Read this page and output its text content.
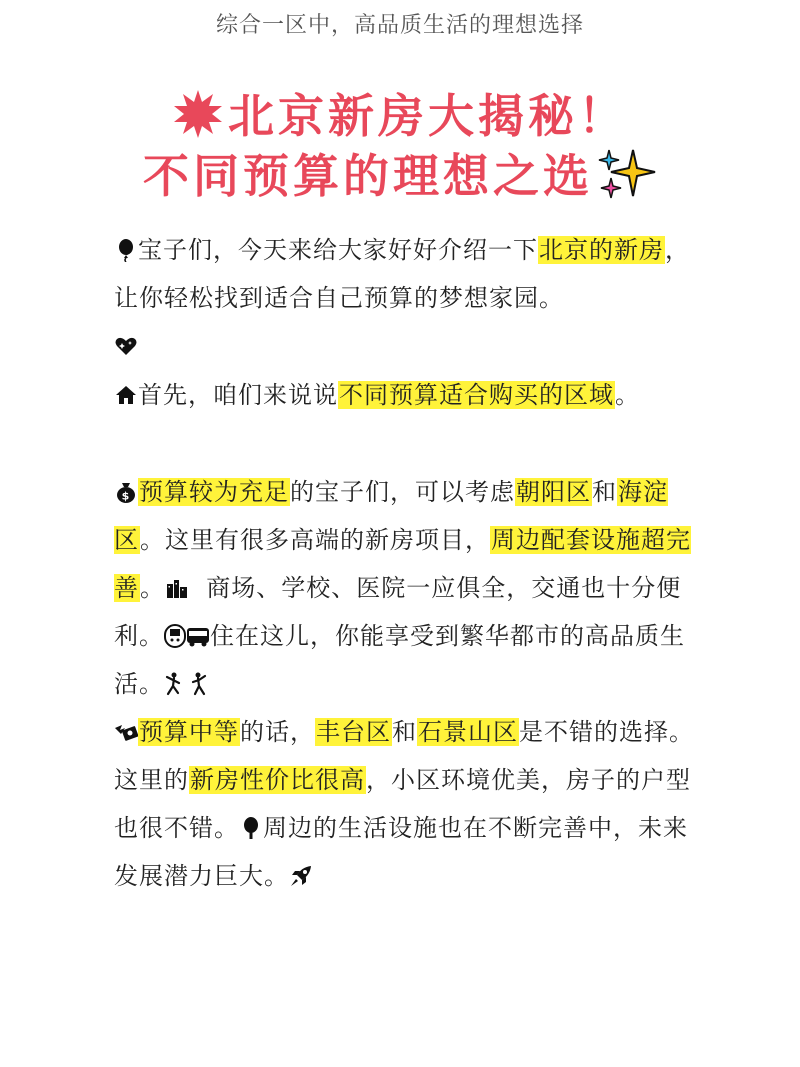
综合一区中，高品质生活的理想选择
北京新房大揭秘！
不同预算的理想之选
宝子们，今天来给大家好好介绍一下北京的新房，让你轻松找到适合自己预算的梦想家园。
首先，咱们来说说不同预算适合购买的区域。
$ 预算较为充足的宝子们，可以考虑朝阳区和海淀区。这里有很多高端的新房项目，周边配套设施超完善。 商场、学校、医院一应俱全，交通也十分便利。 住在这儿，你能享受到繁华都市的高品质生活。
预算中等的话，丰台区和石景山区是不错的选择。这里的新房性价比很高，小区环境优美，房子的户型也很不错。 周边的生活设施也在不断完善中，未来发展潜力巨大。
